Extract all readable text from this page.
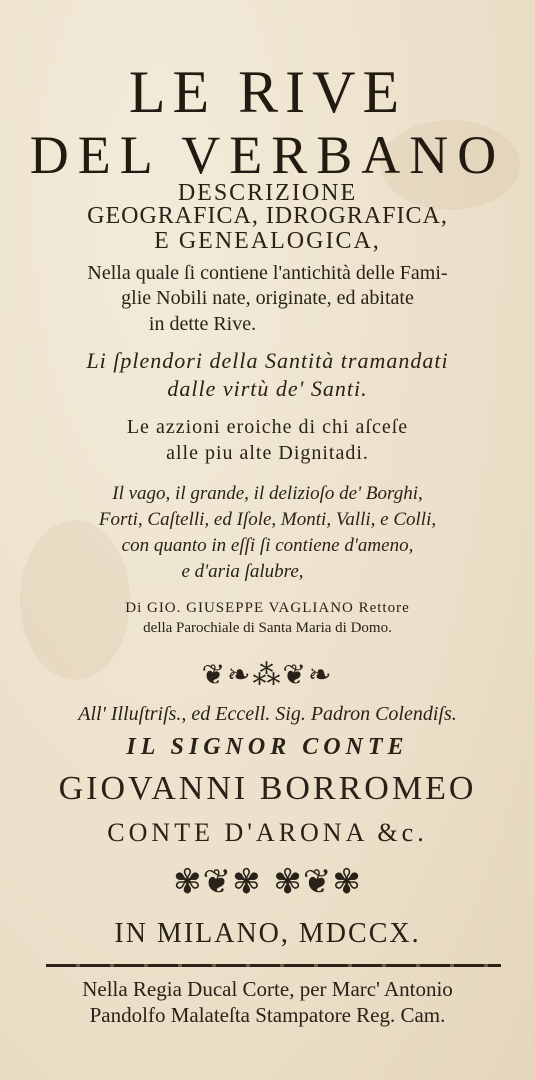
LE RIVE
DEL VERBANO
DESCRIZIONE
GEOGRAFICA, IDROGRAFICA,
E GENEALOGICA,
Nella quale ſi contiene l'antichità delle Fami-
glie Nobili nate, originate, ed abitate
in dette Rive.
Li ſplendori della Santità tramandati
dalle virtù de' Santi.
Le azzioni eroiche di chi aſceſe
alle piu alte Dignitadi.
Il vago, il grande, il delizioſo de' Borghi,
Forti, Caſtelli, ed Iſole, Monti, Valli, e Colli,
con quanto in eſſi ſi contiene d'ameno,
e d'aria ſalubre,
Di GIO. GIUSEPPE VAGLIANO Rettore
della Parochiale di Santa Maria di Domo.
❦❧⁂❦❧
All' Illuſtriſs., ed Eccell. Sig. Padron Colendiſs.
IL SIGNOR CONTE
GIOVANNI BORROMEO
CONTE D'ARONA &c.
✾❦✾ ✾❦✾
IN MILANO, MDCCX.
Nella Regia Ducal Corte, per Marc' Antonio
Pandolfo Malateſta Stampatore Reg. Cam.
